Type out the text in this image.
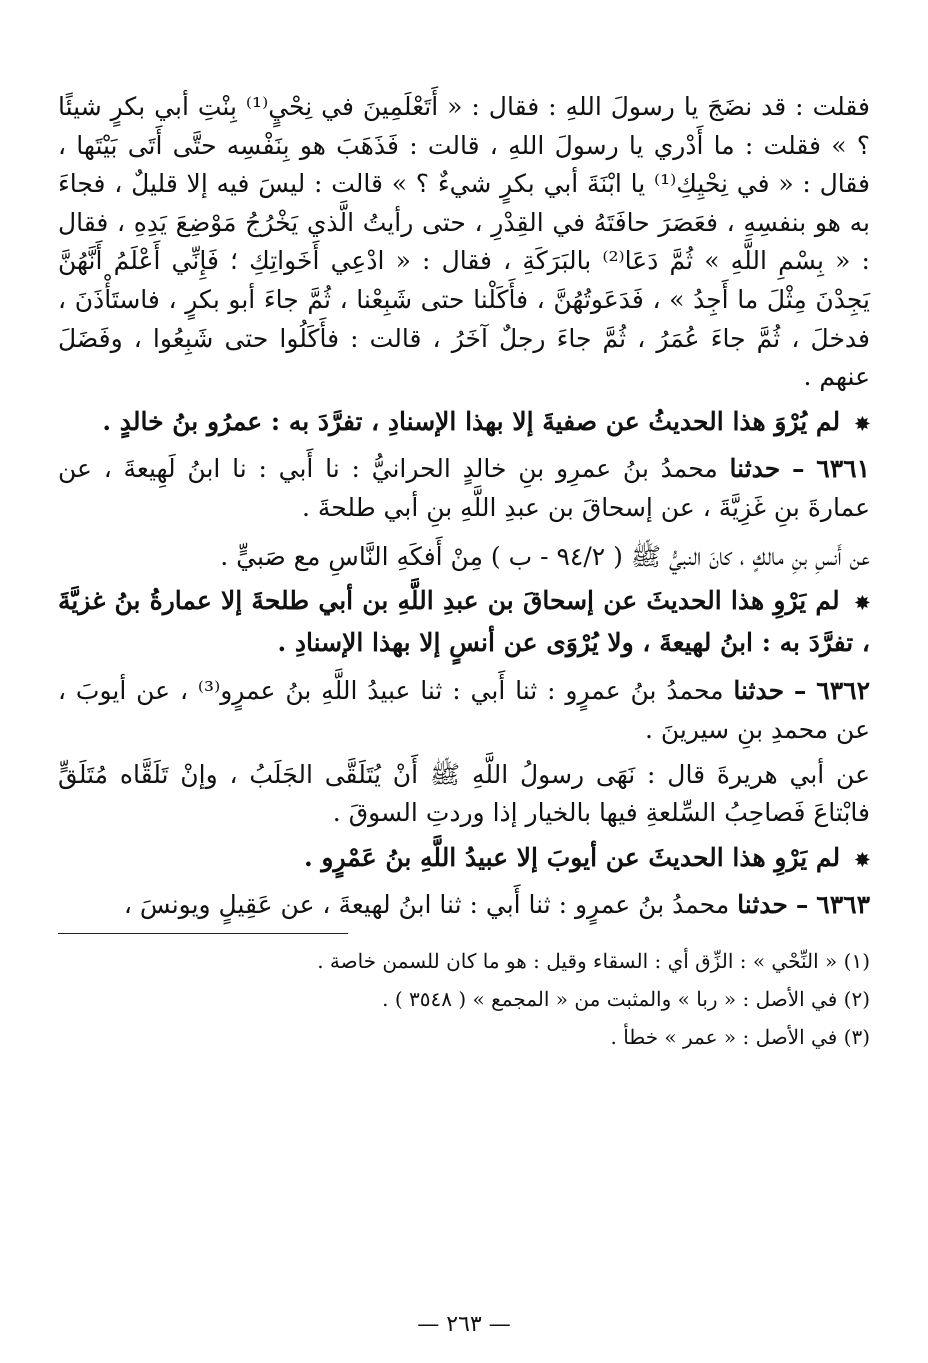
فقلت : قد نضَجَ يا رسولَ اللهِ : فقال : « أَتَعْلَمِينَ في نِحْيٍ⁽¹⁾ بِنْتِ أبي بكرٍ شيئًا ؟ » فقلت : ما أَدْري يا رسولَ اللهِ ، قالت : فَذَهَبَ هو بِنَفْسِه حتَّى أَتَى بَيْتَها ، فقال : « في نِحْيِكِ⁽¹⁾ يا ابْنَةَ أبي بكرٍ شيءٌ ؟ » قالت : ليسَ فيه إلا قليلٌ ، فجاءَ به هو بنفسِهِ ، فعَصَرَ حافَتَهُ في القِدْرِ ، حتى رأيتُ الَّذي يَخْرُجُ مَوْضِعَ يَدِهِ ، فقال : « بِسْمِ اللَّهِ » ثُمَّ دَعَا⁽²⁾ بالبَرَكَةِ ، فقال : « ادْعِي أَخَواتِكِ ؛ فَإِنِّي أَعْلَمُ أَنَّهُنَّ يَجِدْنَ مِثْلَ ما أَجِدُ » ، فَدَعَوتُهُنَّ ، فأَكَلْنا حتى شَبِعْنا ، ثُمَّ جاءَ أبو بكرٍ ، فاستَأْذَنَ ، فدخلَ ، ثُمَّ جاءَ عُمَرُ ، ثُمَّ جاءَ رجلٌ آخَرُ ، قالت : فأَكَلُوا حتى شَبِعُوا ، وفَضَلَ عنهم .

✸ لم يُرْوَ هذا الحديثُ عن صفيةَ إلا بهذا الإسنادِ ، تفرَّدَ به : عمرُو بنُ خالدٍ .

٦٣٦١ – حدثنا محمدُ بنُ عمرِو بنِ خالدٍ الحرانيُّ : نا أَبي : نا ابنُ لَهِيعةَ ، عن عمارةَ بنِ غَزِيَّةَ ، عن إسحاقَ بن عبدِ اللَّهِ بنِ أبي طلحةَ .

عن أَنسِ بنِ مالكٍ ، كانَ النبيُّ ﷺ ( ٩٤/٢ - ب ) مِنْ أَفكَهِ النَّاسِ مع صَبيٍّ .

✸ لم يَرْوِ هذا الحديثَ عن إسحاقَ بن عبدِ اللَّهِ بن أبي طلحةَ إلا عمارةُ بنُ غزيَّةَ ، تفرَّدَ به : ابنُ لهيعةَ ، ولا يُرْوَى عن أنسٍ إلا بهذا الإسنادِ .

٦٣٦٢ – حدثنا محمدُ بنُ عمرٍو : ثنا أَبي : ثنا عبيدُ اللَّهِ بنُ عمرٍو⁽³⁾ ، عن أيوبَ ، عن محمدِ بنِ سيرينَ .

عن أبي هريرةَ قال : نَهَى رسولُ اللَّهِ ﷺ أَنْ يُتَلَقَّى الجَلَبُ ، وإنْ تَلَقَّاه مُتَلَقٍّ فابْتاعَ فَصاحِبُ السِّلعةِ فيها بالخيار إذا وردتِ السوقَ .

✸ لم يَرْوِ هذا الحديثَ عن أيوبَ إلا عبيدُ اللَّهِ بنُ عَمْرٍو .

٦٣٦٣ – حدثنا محمدُ بنُ عمرٍو : ثنا أَبي : ثنا ابنُ لهيعةَ ، عن عَقِيلٍ ويونسَ ،

(١) « النِّحْي » : الزِّق أي : السقاء وقيل : هو ما كان للسمن خاصة .

(٢) في الأصل : « ربا » والمثبت من « المجمع » ( ٣٥٤٨ ) .

(٣) في الأصل : « عمر » خطأ .

— ٢٦٣ —
